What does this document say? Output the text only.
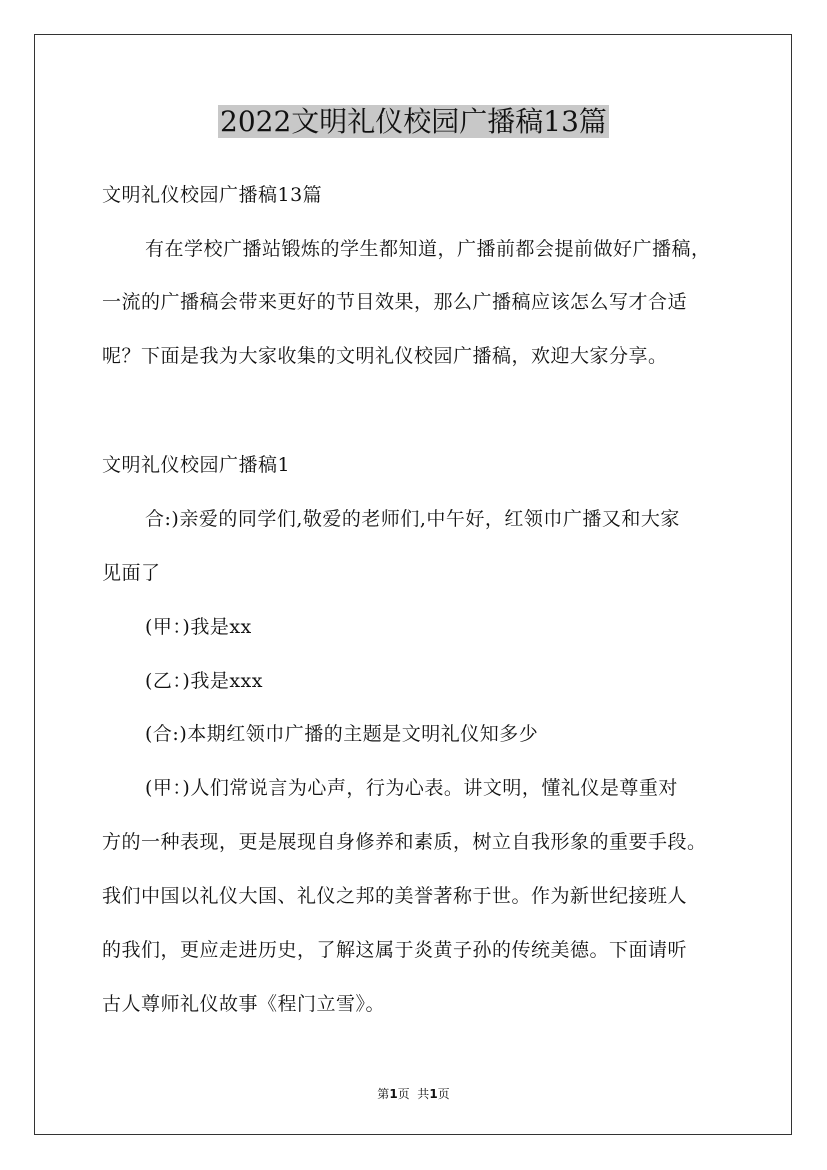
2022文明礼仪校园广播稿13篇
文明礼仪校园广播稿13篇
有在学校广播站锻炼的学生都知道，广播前都会提前做好广播稿，
一流的广播稿会带来更好的节目效果，那么广播稿应该怎么写才合适
呢？下面是我为大家收集的文明礼仪校园广播稿，欢迎大家分享。
文明礼仪校园广播稿1
合:)亲爱的同学们,敬爱的老师们,中午好，红领巾广播又和大家
见面了
(甲：)我是xx
(乙：)我是xxx
(合:)本期红领巾广播的主题是文明礼仪知多少
(甲：)人们常说言为心声，行为心表。讲文明，懂礼仪是尊重对
方的一种表现，更是展现自身修养和素质，树立自我形象的重要手段。
我们中国以礼仪大国、礼仪之邦的美誉著称于世。作为新世纪接班人
的我们，更应走进历史，了解这属于炎黄子孙的传统美德。下面请听
古人尊师礼仪故事《程门立雪》。
第1页  共1页
